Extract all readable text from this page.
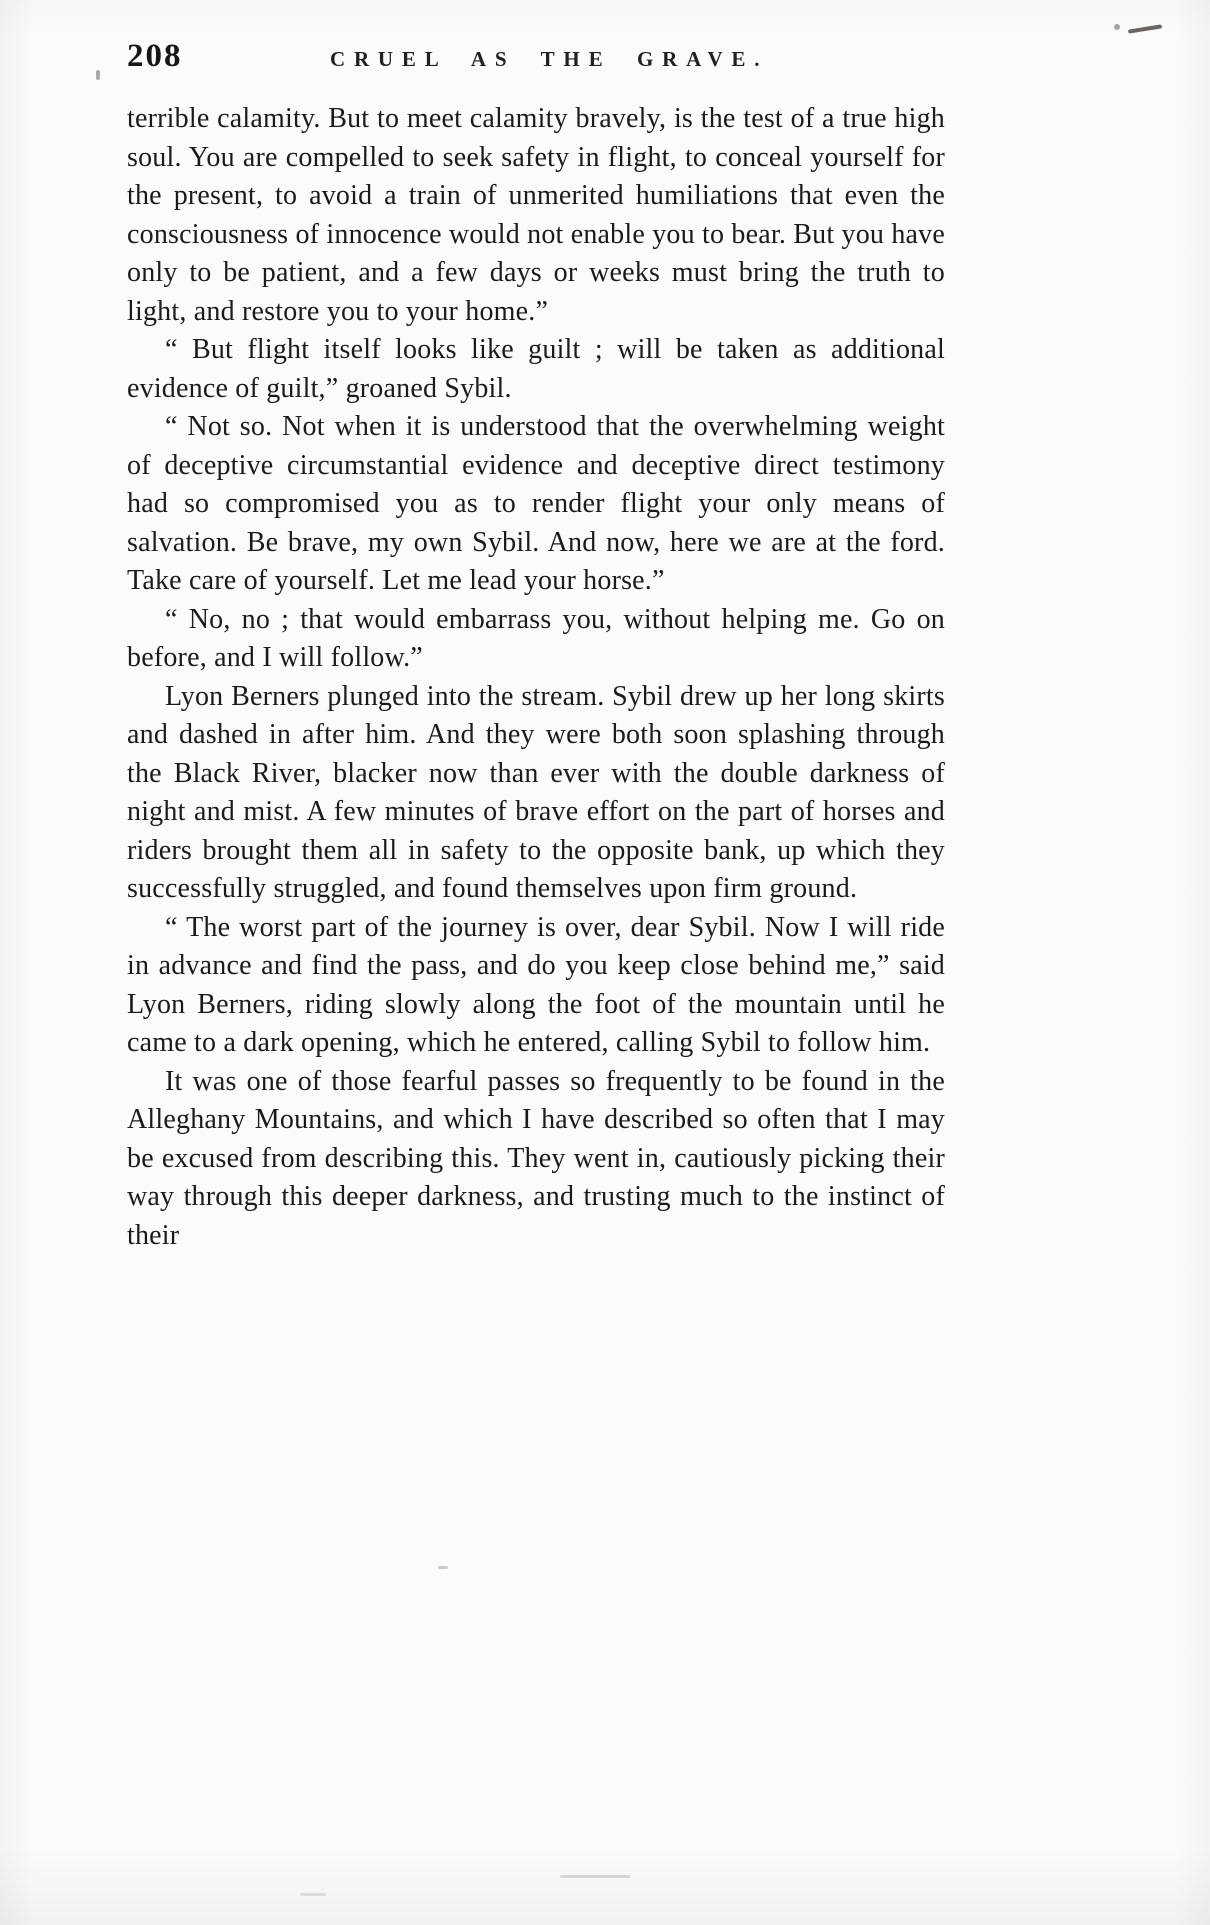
208	CRUEL AS THE GRAVE.

terrible calamity. But to meet calamity bravely, is the test of a true high soul. You are compelled to seek safety in flight, to conceal yourself for the present, to avoid a train of unmerited humiliations that even the consciousness of innocence would not enable you to bear. But you have only to be patient, and a few days or weeks must bring the truth to light, and restore you to your home.”

“ But flight itself looks like guilt ; will be taken as additional evidence of guilt,” groaned Sybil.

“ Not so. Not when it is understood that the overwhelming weight of deceptive circumstantial evidence and deceptive direct testimony had so compromised you as to render flight your only means of salvation. Be brave, my own Sybil. And now, here we are at the ford. Take care of yourself. Let me lead your horse.”

“ No, no ; that would embarrass you, without helping me. Go on before, and I will follow.”

Lyon Berners plunged into the stream. Sybil drew up her long skirts and dashed in after him. And they were both soon splashing through the Black River, blacker now than ever with the double darkness of night and mist. A few minutes of brave effort on the part of horses and riders brought them all in safety to the opposite bank, up which they successfully struggled, and found themselves upon firm ground.

“ The worst part of the journey is over, dear Sybil. Now I will ride in advance and find the pass, and do you keep close behind me,” said Lyon Berners, riding slowly along the foot of the mountain until he came to a dark opening, which he entered, calling Sybil to follow him.

It was one of those fearful passes so frequently to be found in the Alleghany Mountains, and which I have described so often that I may be excused from describing this. They went in, cautiously picking their way through this deeper darkness, and trusting much to the instinct of their
